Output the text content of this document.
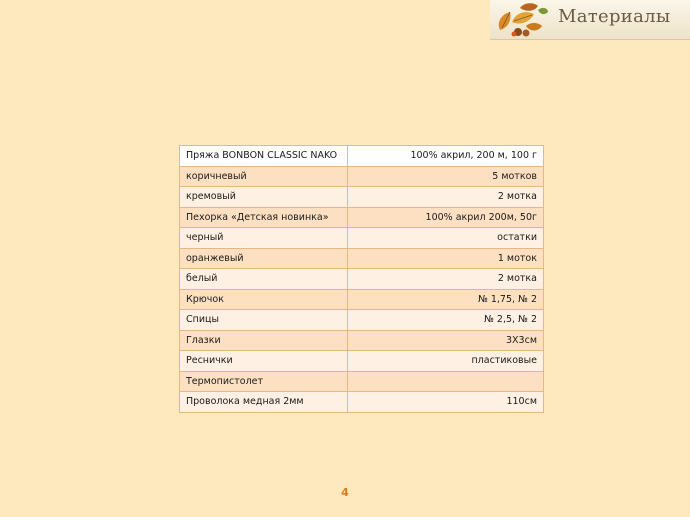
Материалы
Пряжа BONBON CLASSIC NAKO	100% акрил, 200 м, 100 г
коричневый	5 мотков
кремовый	2 мотка
Пехорка «Детская новинка»	100% акрил 200м, 50г
черный	остатки
оранжевый	1 моток
белый	2 мотка
Крючок	№ 1,75, № 2
Спицы	№ 2,5, № 2
Глазки	3Х3см
Реснички	пластиковые
Термопистолет	
Проволока медная 2мм	110см
4
